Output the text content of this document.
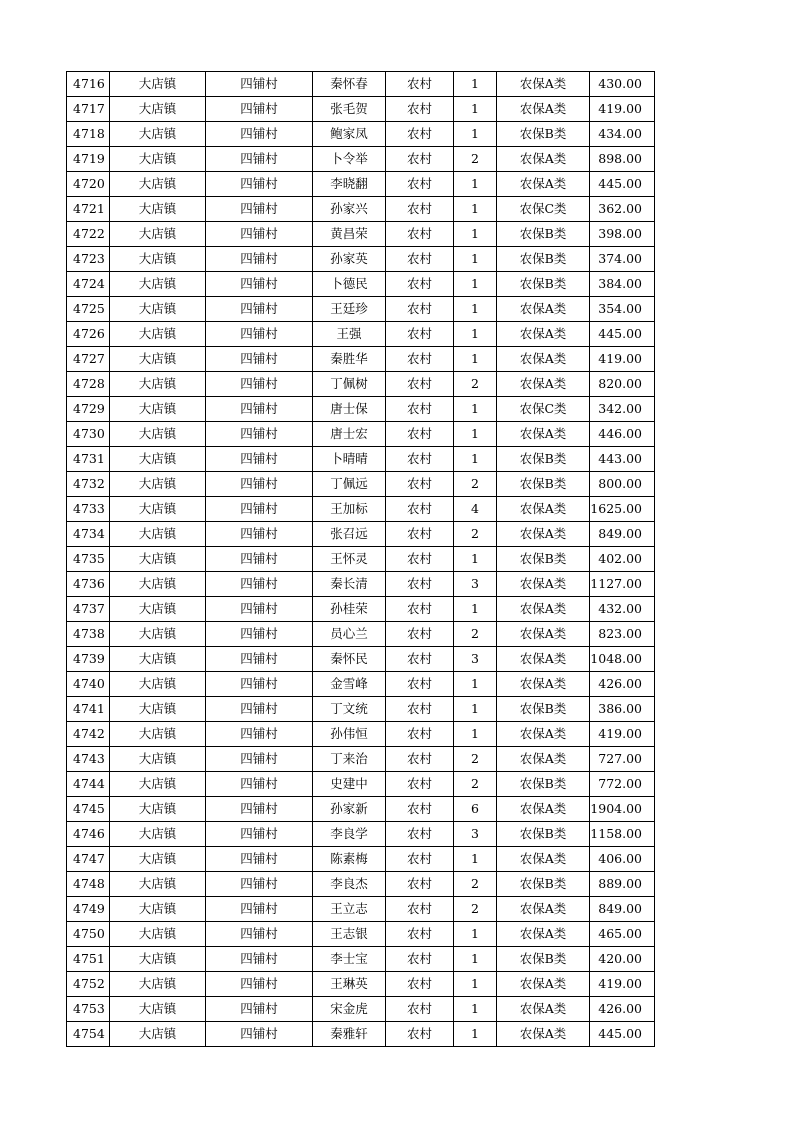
4716	大店镇	四铺村	秦怀春	农村	1	农保A类	430.00
4717	大店镇	四铺村	张毛贺	农村	1	农保A类	419.00
4718	大店镇	四铺村	鲍家凤	农村	1	农保B类	434.00
4719	大店镇	四铺村	卜令举	农村	2	农保A类	898.00
4720	大店镇	四铺村	李晓翻	农村	1	农保A类	445.00
4721	大店镇	四铺村	孙家兴	农村	1	农保C类	362.00
4722	大店镇	四铺村	黄昌荣	农村	1	农保B类	398.00
4723	大店镇	四铺村	孙家英	农村	1	农保B类	374.00
4724	大店镇	四铺村	卜德民	农村	1	农保B类	384.00
4725	大店镇	四铺村	王廷珍	农村	1	农保A类	354.00
4726	大店镇	四铺村	王强	农村	1	农保A类	445.00
4727	大店镇	四铺村	秦胜华	农村	1	农保A类	419.00
4728	大店镇	四铺村	丁佩树	农村	2	农保A类	820.00
4729	大店镇	四铺村	唐士保	农村	1	农保C类	342.00
4730	大店镇	四铺村	唐士宏	农村	1	农保A类	446.00
4731	大店镇	四铺村	卜晴晴	农村	1	农保B类	443.00
4732	大店镇	四铺村	丁佩远	农村	2	农保B类	800.00
4733	大店镇	四铺村	王加标	农村	4	农保A类	1625.00
4734	大店镇	四铺村	张召远	农村	2	农保A类	849.00
4735	大店镇	四铺村	王怀灵	农村	1	农保B类	402.00
4736	大店镇	四铺村	秦长清	农村	3	农保A类	1127.00
4737	大店镇	四铺村	孙桂荣	农村	1	农保A类	432.00
4738	大店镇	四铺村	员心兰	农村	2	农保A类	823.00
4739	大店镇	四铺村	秦怀民	农村	3	农保A类	1048.00
4740	大店镇	四铺村	金雪峰	农村	1	农保A类	426.00
4741	大店镇	四铺村	丁文统	农村	1	农保B类	386.00
4742	大店镇	四铺村	孙伟恒	农村	1	农保A类	419.00
4743	大店镇	四铺村	丁来治	农村	2	农保A类	727.00
4744	大店镇	四铺村	史建中	农村	2	农保B类	772.00
4745	大店镇	四铺村	孙家新	农村	6	农保A类	1904.00
4746	大店镇	四铺村	李良学	农村	3	农保B类	1158.00
4747	大店镇	四铺村	陈素梅	农村	1	农保A类	406.00
4748	大店镇	四铺村	李良杰	农村	2	农保B类	889.00
4749	大店镇	四铺村	王立志	农村	2	农保A类	849.00
4750	大店镇	四铺村	王志银	农村	1	农保A类	465.00
4751	大店镇	四铺村	李士宝	农村	1	农保B类	420.00
4752	大店镇	四铺村	王琳英	农村	1	农保A类	419.00
4753	大店镇	四铺村	宋金虎	农村	1	农保A类	426.00
4754	大店镇	四铺村	秦雅轩	农村	1	农保A类	445.00
